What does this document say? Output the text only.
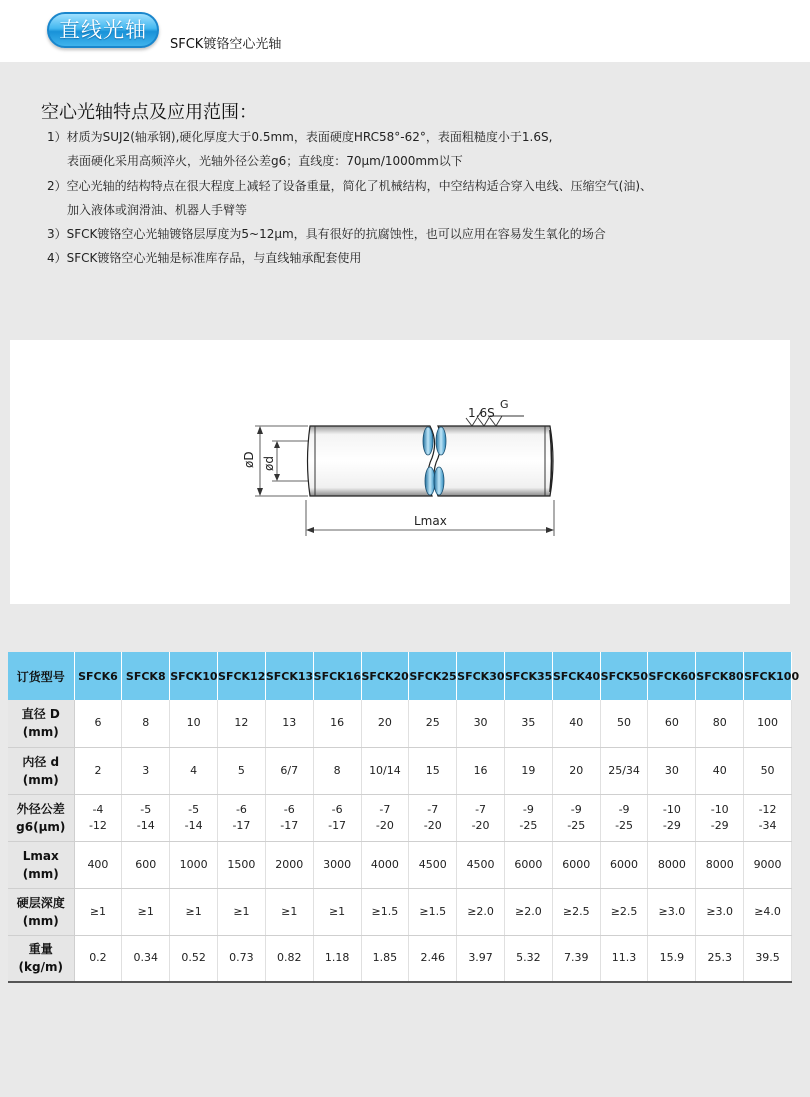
直线光轴
SFCK镀铬空心光轴
空心光轴特点及应用范围：
1）材质为SUJ2(轴承钢),硬化厚度大于0.5mm，表面硬度HRC58°-62°，表面粗糙度小于1.6S,
表面硬化采用高频淬火，光轴外径公差g6；直线度：70μm/1000mm以下
2）空心光轴的结构特点在很大程度上减轻了设备重量，简化了机械结构，中空结构适合穿入电线、压缩空气(油)、
加入液体或润滑油、机器人手臂等
3）SFCK镀铬空心光轴镀铬层厚度为5~12μm，具有很好的抗腐蚀性，也可以应用在容易发生氧化的场合
4）SFCK镀铬空心光轴是标准库存品，与直线轴承配套使用
øD ød
Lmax
1.6S
G
订货型号	SFCK6	SFCK8	SFCK10	SFCK12	SFCK13	SFCK16	SFCK20	SFCK25	SFCK30	SFCK35	SFCK40	SFCK50	SFCK60	SFCK80	SFCK100

直径 D
(mm)	6	8	10	12	13	16	20	25	30	35	40	50	60	80	100

内径 d
(mm)	2	3	4	5	6/7	8	10/14	15	16	19	20	25/34	30	40	50

外径公差
g6(μm)	-4
-12	-5
-14	-5
-14	-6
-17	-6
-17	-6
-17	-7
-20	-7
-20	-7
-20	-9
-25	-9
-25	-9
-25	-10
-29	-10
-29	-12
-34

Lmax
(mm)	400	600	1000	1500	2000	3000	4000	4500	4500	6000	6000	6000	8000	8000	9000

硬层深度
(mm)	≥1	≥1	≥1	≥1	≥1	≥1	≥1.5	≥1.5	≥2.0	≥2.0	≥2.5	≥2.5	≥3.0	≥3.0	≥4.0

重量
(kg/m)	0.2	0.34	0.52	0.73	0.82	1.18	1.85	2.46	3.97	5.32	7.39	11.3	15.9	25.3	39.5
